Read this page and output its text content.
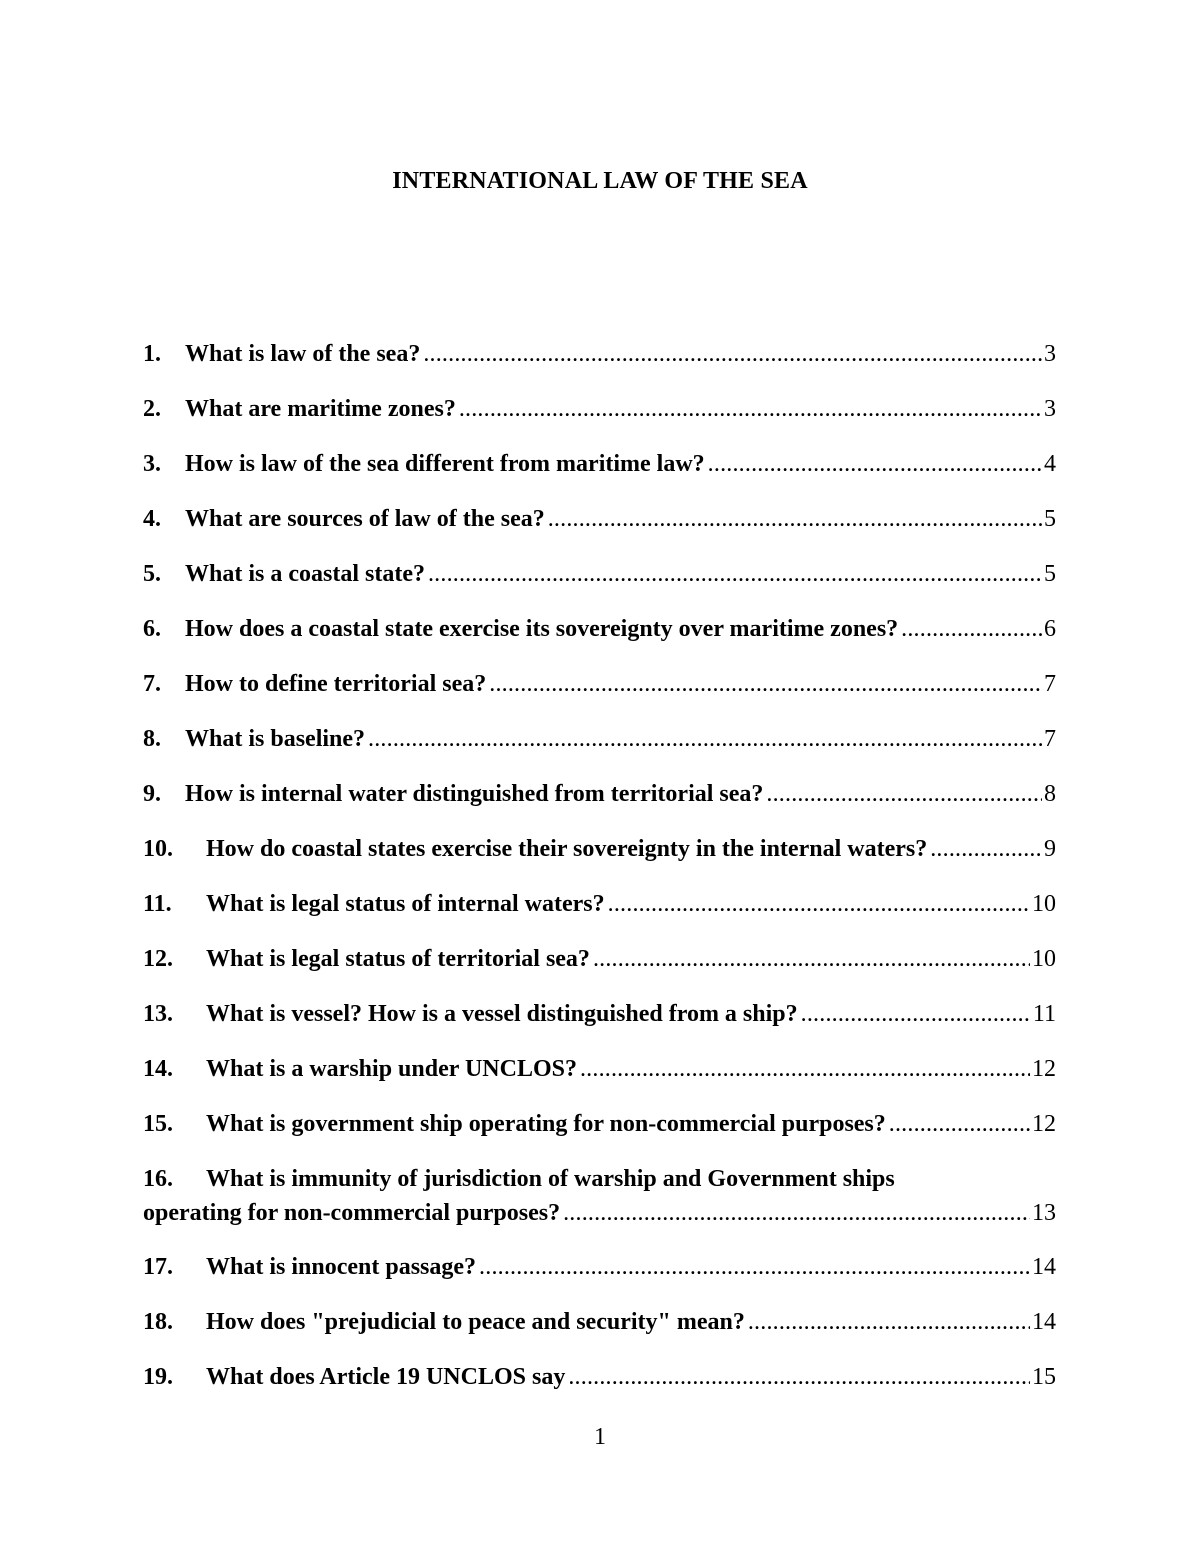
INTERNATIONAL LAW OF THE SEA
1.	What is law of the sea? . . .	3
2.	What are maritime zones? . . .	3
3.	How is law of the sea different from maritime law? . . .	4
4.	What are sources of law of the sea? . . .	5
5.	What is a coastal state? . . .	5
6.	How does a coastal state exercise its sovereignty over maritime zones? . . .	6
7.	How to define territorial sea? . . .	7
8.	What is baseline? . . .	7
9.	How is internal water distinguished from territorial sea? . . .	8
10.	How do coastal states exercise their sovereignty in the internal waters? . . .	9
11.	What is legal status of internal waters? . . .	10
12.	What is legal status of territorial sea? . . .	10
13.	What is vessel? How is a vessel distinguished from a ship? . . .	11
14.	What is a warship under UNCLOS? . . .	12
15.	What is government ship operating for non-commercial purposes? . . .	12
16.	What is immunity of jurisdiction of warship and Government ships
operating for non-commercial purposes? . . .	13
17.	What is innocent passage? . . .	14
18.	How does "prejudicial to peace and security" mean? . . .	14
19.	What does Article 19 UNCLOS say . . .	15
1
